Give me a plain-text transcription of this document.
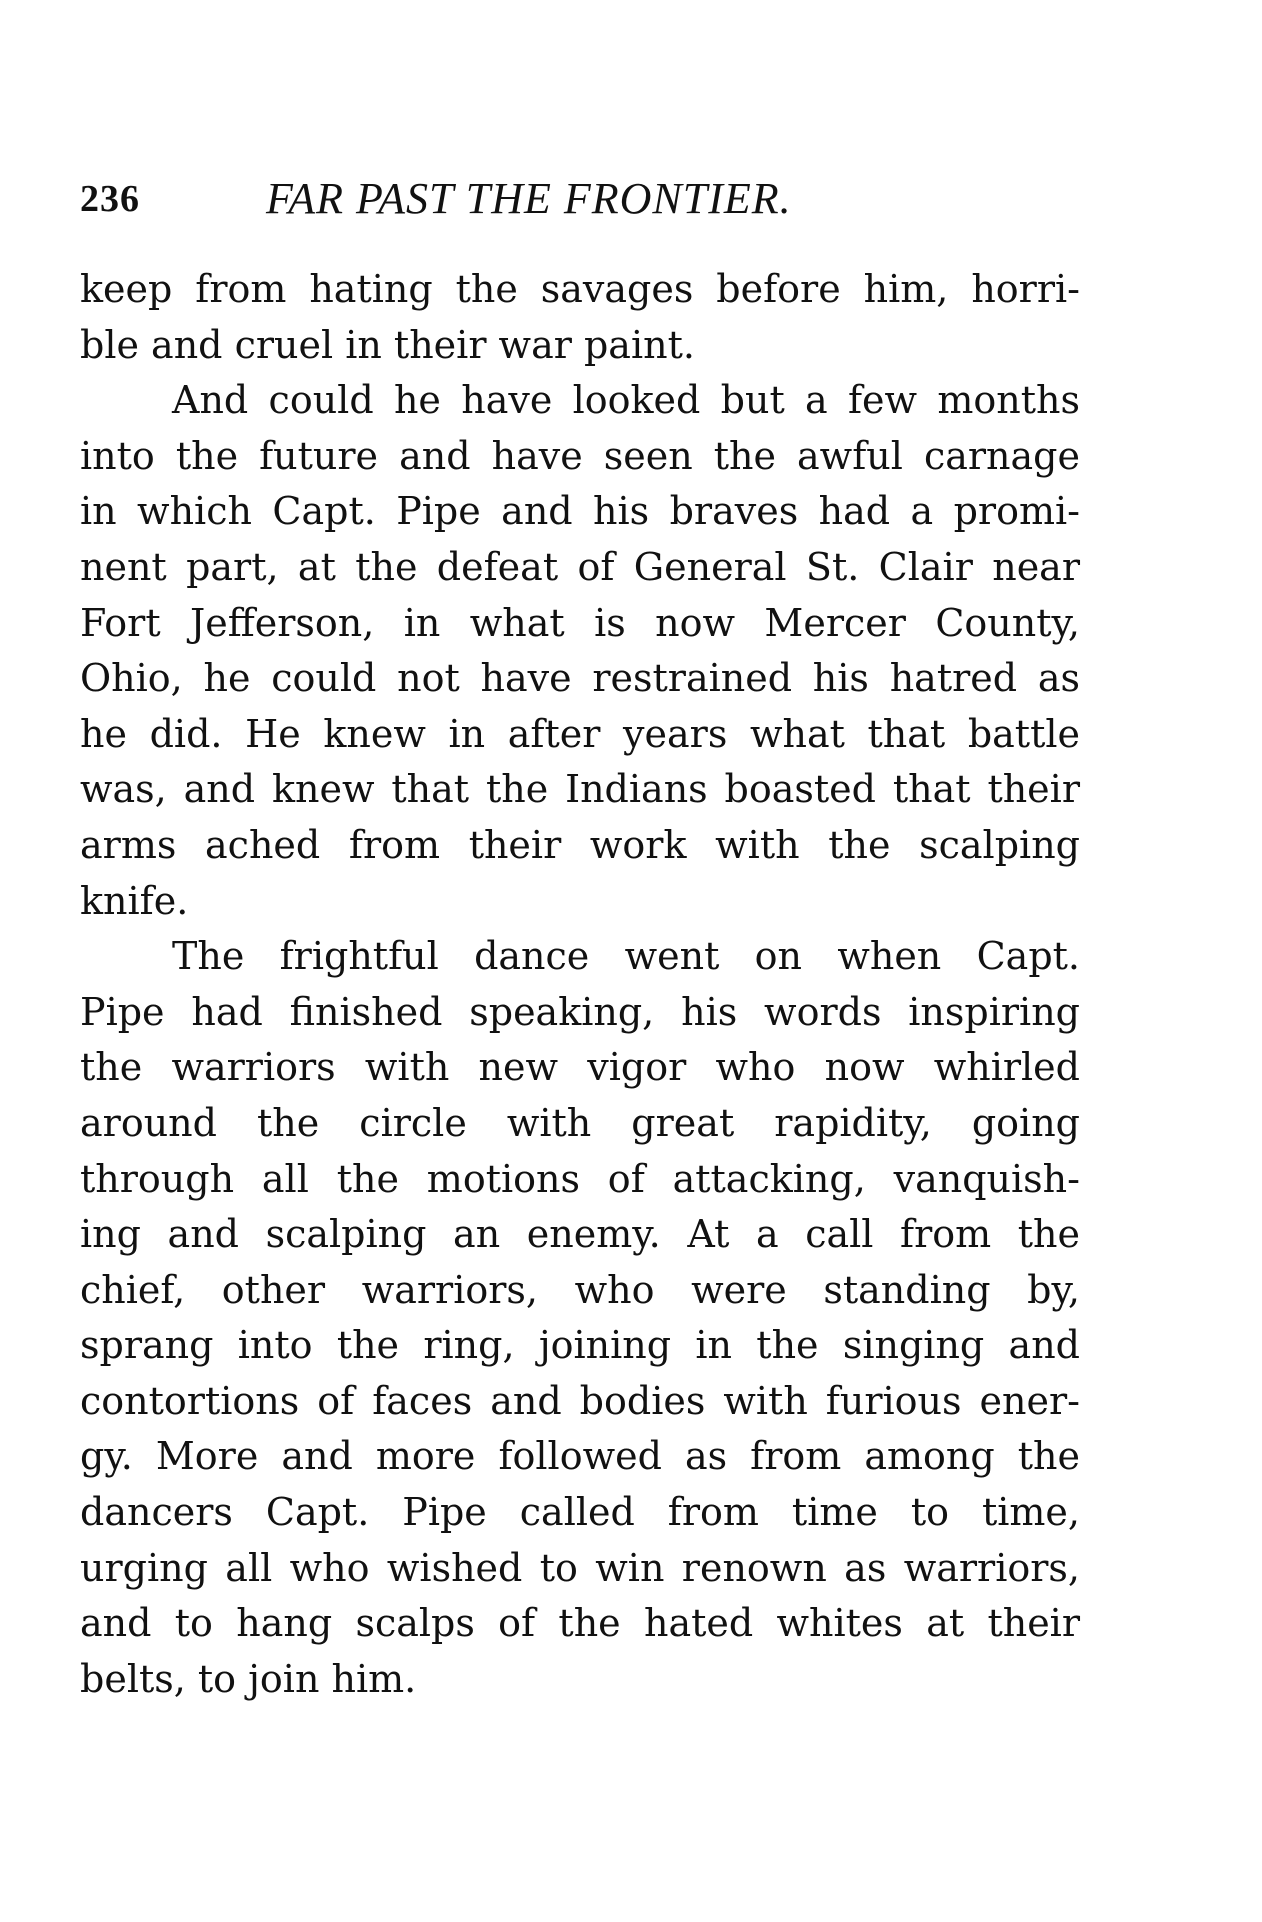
236	FAR PAST THE FRONTIER.
keep from hating the savages before him, horri-
ble and cruel in their war paint.
And could he have looked but a few months
into the future and have seen the awful carnage
in which Capt. Pipe and his braves had a promi-
nent part, at the defeat of General St. Clair near
Fort Jefferson, in what is now Mercer County,
Ohio, he could not have restrained his hatred as
he did. He knew in after years what that battle
was, and knew that the Indians boasted that their
arms ached from their work with the scalping
knife.
The frightful dance went on when Capt.
Pipe had finished speaking, his words inspiring
the warriors with new vigor who now whirled
around the circle with great rapidity, going
through all the motions of attacking, vanquish-
ing and scalping an enemy. At a call from the
chief, other warriors, who were standing by,
sprang into the ring, joining in the singing and
contortions of faces and bodies with furious ener-
gy. More and more followed as from among the
dancers Capt. Pipe called from time to time,
urging all who wished to win renown as warriors,
and to hang scalps of the hated whites at their
belts, to join him.
